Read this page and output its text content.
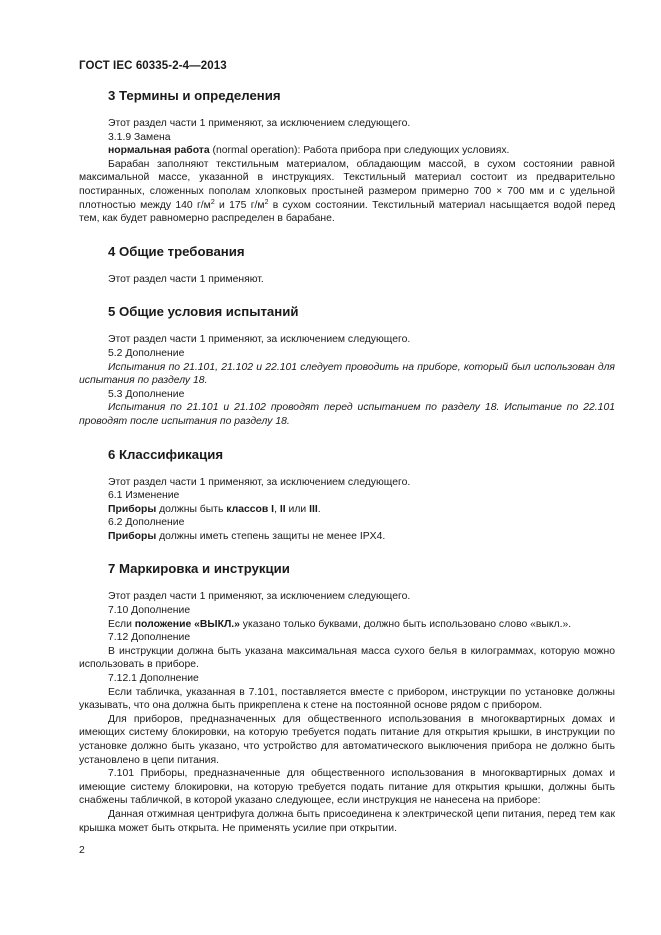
ГОСТ IEC 60335-2-4—2013
3 Термины и определения

Этот раздел части 1 применяют, за исключением следующего.

3.1.9 Замена

нормальная работа (normal operation): Работа прибора при следующих условиях.

Барабан заполняют текстильным материалом, обладающим массой, в сухом состоянии равной максимальной массе, указанной в инструкциях. Текстильный материал состоит из предварительно постиранных, сложенных пополам хлопковых простыней размером примерно 700 × 700 мм и с удельной плотностью между 140 $г/м^2$ и 175 $г/м^2$ в сухом состоянии. Текстильный материал насыщается водой перед тем, как будет равномерно распределен в барабане.

4 Общие требования

Этот раздел части 1 применяют.

5 Общие условия испытаний

Этот раздел части 1 применяют, за исключением следующего.

5.2 Дополнение

Испытания по 21.101, 21.102 и 22.101 следует проводить на приборе, который был использован для испытания по разделу 18.

5.3 Дополнение

Испытания по 21.101 и 21.102 проводят перед испытанием по разделу 18. Испытание по 22.101 проводят после испытания по разделу 18.

6 Классификация

Этот раздел части 1 применяют, за исключением следующего.

6.1 Изменение

Приборы должны быть классов I, II или III.

6.2 Дополнение

Приборы должны иметь степень защиты не менее IPX4.

7 Маркировка и инструкции

Этот раздел части 1 применяют, за исключением следующего.

7.10 Дополнение

Если положение «ВЫКЛ.» указано только буквами, должно быть использовано слово «выкл.».

7.12 Дополнение

В инструкции должна быть указана максимальная масса сухого белья в килограммах, которую можно использовать в приборе.

7.12.1 Дополнение

Если табличка, указанная в 7.101, поставляется вместе с прибором, инструкции по установке должны указывать, что она должна быть прикреплена к стене на постоянной основе рядом с прибором.

Для приборов, предназначенных для общественного использования в многоквартирных домах и имеющих систему блокировки, на которую требуется подать питание для открытия крышки, в инструкции по установке должно быть указано, что устройство для автоматического выключения прибора не должно быть установлено в цепи питания.

7.101 Приборы, предназначенные для общественного использования в многоквартирных домах и имеющие систему блокировки, на которую требуется подать питание для открытия крышки, должны быть снабжены табличкой, в которой указано следующее, если инструкция не нанесена на приборе:

Данная отжимная центрифуга должна быть присоединена к электрической цепи питания, перед тем как крышка может быть открыта. Не применять усилие при открытии.

2
